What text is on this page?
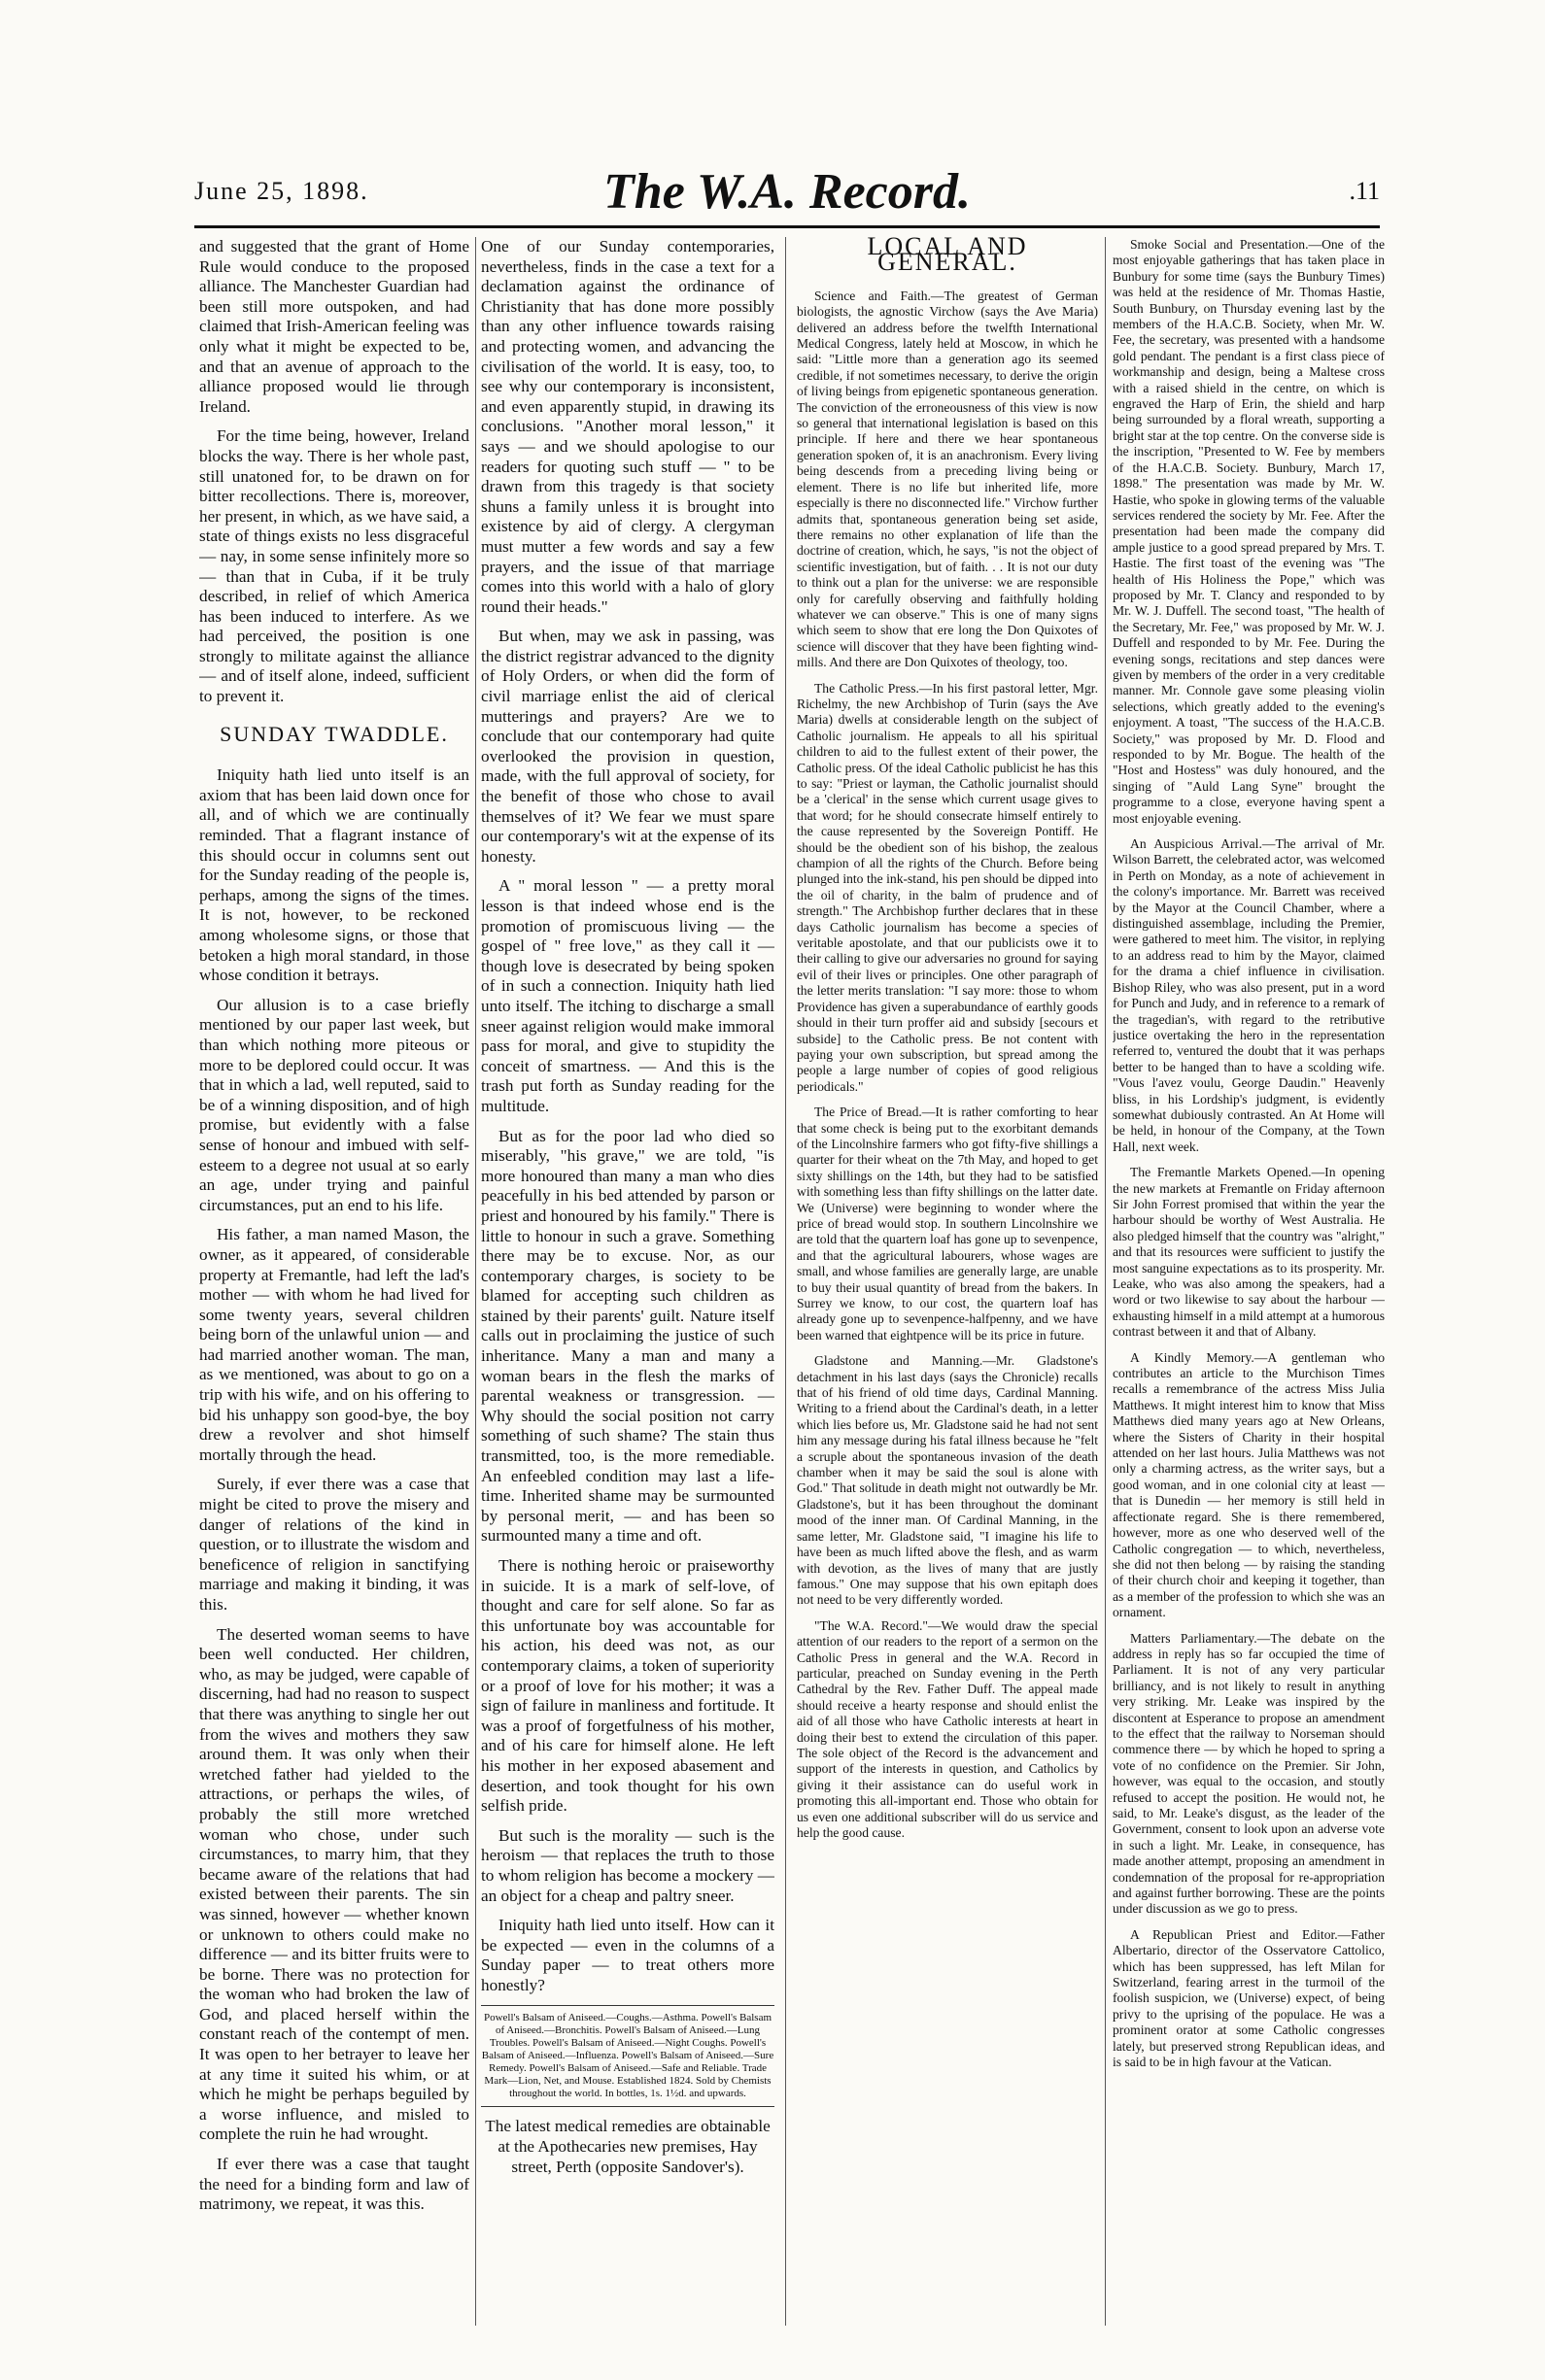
June 25, 1898.	The W.A. Record.	.11

and suggested that the grant of Home Rule would conduce to the proposed alliance. The Manchester Guardian had been still more outspoken, and had claimed that Irish-American feeling was only what it might be expected to be, and that an avenue of approach to the alliance proposed would lie through Ireland.

For the time being, however, Ireland blocks the way. There is her whole past, still unatoned for, to be drawn on for bitter recollections. There is, moreover, her present, in which, as we have said, a state of things exists no less disgraceful — nay, in some sense infinitely more so — than that in Cuba, if it be truly described, in relief of which America has been induced to interfere. As we had perceived, the position is one strongly to militate against the alliance — and of itself alone, indeed, sufficient to prevent it.

SUNDAY TWADDLE.

Iniquity hath lied unto itself is an axiom that has been laid down once for all, and of which we are continually reminded. That a flagrant instance of this should occur in columns sent out for the Sunday reading of the people is, perhaps, among the signs of the times. It is not, however, to be reckoned among wholesome signs, or those that betoken a high moral standard, in those whose condition it betrays.

Our allusion is to a case briefly mentioned by our paper last week, but than which nothing more piteous or more to be deplored could occur. It was that in which a lad, well reputed, said to be of a winning disposition, and of high promise, but evidently with a false sense of honour and imbued with self-esteem to a degree not usual at so early an age, under trying and painful circumstances, put an end to his life.

His father, a man named Mason, the owner, as it appeared, of considerable property at Fremantle, had left the lad's mother — with whom he had lived for some twenty years, several children being born of the unlawful union — and had married another woman. The man, as we mentioned, was about to go on a trip with his wife, and on his offering to bid his unhappy son good-bye, the boy drew a revolver and shot himself mortally through the head.

Surely, if ever there was a case that might be cited to prove the misery and danger of relations of the kind in question, or to illustrate the wisdom and beneficence of religion in sanctifying marriage and making it binding, it was this.

The deserted woman seems to have been well conducted. Her children, who, as may be judged, were capable of discerning, had had no reason to suspect that there was anything to single her out from the wives and mothers they saw around them. It was only when their wretched father had yielded to the attractions, or perhaps the wiles, of probably the still more wretched woman who chose, under such circumstances, to marry him, that they became aware of the relations that had existed between their parents. The sin was sinned, however — whether known or unknown to others could make no difference — and its bitter fruits were to be borne. There was no protection for the woman who had broken the law of God, and placed herself within the constant reach of the contempt of men. It was open to her betrayer to leave her at any time it suited his whim, or at which he might be perhaps beguiled by a worse influence, and misled to complete the ruin he had wrought.

If ever there was a case that taught the need for a binding form and law of matrimony, we repeat, it was this.

One of our Sunday contemporaries, nevertheless, finds in the case a text for a declamation against the ordinance of Christianity that has done more possibly than any other influence towards raising and protecting women, and advancing the civilisation of the world. It is easy, too, to see why our contemporary is inconsistent, and even apparently stupid, in drawing its conclusions. "Another moral lesson," it says — and we should apologise to our readers for quoting such stuff — " to be drawn from this tragedy is that society shuns a family unless it is brought into existence by aid of clergy. A clergyman must mutter a few words and say a few prayers, and the issue of that marriage comes into this world with a halo of glory round their heads."

But when, may we ask in passing, was the district registrar advanced to the dignity of Holy Orders, or when did the form of civil marriage enlist the aid of clerical mutterings and prayers? Are we to conclude that our contemporary had quite overlooked the provision in question, made, with the full approval of society, for the benefit of those who chose to avail themselves of it? We fear we must spare our contemporary's wit at the expense of its honesty.

A " moral lesson " — a pretty moral lesson is that indeed whose end is the promotion of promiscuous living — the gospel of " free love," as they call it — though love is desecrated by being spoken of in such a connection. Iniquity hath lied unto itself. The itching to discharge a small sneer against religion would make immoral pass for moral, and give to stupidity the conceit of smartness. — And this is the trash put forth as Sunday reading for the multitude.

But as for the poor lad who died so miserably, "his grave," we are told, "is more honoured than many a man who dies peacefully in his bed attended by parson or priest and honoured by his family." There is little to honour in such a grave. Something there may be to excuse. Nor, as our contemporary charges, is society to be blamed for accepting such children as stained by their parents' guilt. Nature itself calls out in proclaiming the justice of such inheritance. Many a man and many a woman bears in the flesh the marks of parental weakness or transgression. — Why should the social position not carry something of such shame? The stain thus transmitted, too, is the more remediable. An enfeebled condition may last a life-time. Inherited shame may be surmounted by personal merit, — and has been so surmounted many a time and oft.

There is nothing heroic or praiseworthy in suicide. It is a mark of self-love, of thought and care for self alone. So far as this unfortunate boy was accountable for his action, his deed was not, as our contemporary claims, a token of superiority or a proof of love for his mother; it was a sign of failure in manliness and fortitude. It was a proof of forgetfulness of his mother, and of his care for himself alone. He left his mother in her exposed abasement and desertion, and took thought for his own selfish pride.

But such is the morality — such is the heroism — that replaces the truth to those to whom religion has become a mockery — an object for a cheap and paltry sneer.

Iniquity hath lied unto itself. How can it be expected — even in the columns of a Sunday paper — to treat others more honestly?

Powell's Balsam of Aniseed.—Coughs.—Asthma. Powell's Balsam of Aniseed.—Bronchitis. Powell's Balsam of Aniseed.—Lung Troubles. Powell's Balsam of Aniseed.—Night Coughs. Powell's Balsam of Aniseed.—Influenza. Powell's Balsam of Aniseed.—Sure Remedy. Powell's Balsam of Aniseed.—Safe and Reliable. Trade Mark—Lion, Net, and Mouse. Established 1824. Sold by Chemists throughout the world. In bottles, 1s. 1½d. and upwards.

The latest medical remedies are obtainable at the Apothecaries new premises, Hay street, Perth (opposite Sandover's).

LOCAL AND GENERAL.

Science and Faith.—The greatest of German biologists, the agnostic Virchow (says the Ave Maria) delivered an address before the twelfth International Medical Congress, lately held at Moscow, in which he said: "Little more than a generation ago its seemed credible, if not sometimes necessary, to derive the origin of living beings from epigenetic spontaneous generation. The conviction of the erroneousness of this view is now so general that international legislation is based on this principle. If here and there we hear spontaneous generation spoken of, it is an anachronism. Every living being descends from a preceding living being or element. There is no life but inherited life, more especially is there no disconnected life." Virchow further admits that, spontaneous generation being set aside, there remains no other explanation of life than the doctrine of creation, which, he says, "is not the object of scientific investigation, but of faith. . . It is not our duty to think out a plan for the universe: we are responsible only for carefully observing and faithfully holding whatever we can observe." This is one of many signs which seem to show that ere long the Don Quixotes of science will discover that they have been fighting wind-mills. And there are Don Quixotes of theology, too.

The Catholic Press.—In his first pastoral letter, Mgr. Richelmy, the new Archbishop of Turin (says the Ave Maria) dwells at considerable length on the subject of Catholic journalism. He appeals to all his spiritual children to aid to the fullest extent of their power, the Catholic press. Of the ideal Catholic publicist he has this to say: "Priest or layman, the Catholic journalist should be a 'clerical' in the sense which current usage gives to that word; for he should consecrate himself entirely to the cause represented by the Sovereign Pontiff. He should be the obedient son of his bishop, the zealous champion of all the rights of the Church. Before being plunged into the ink-stand, his pen should be dipped into the oil of charity, in the balm of prudence and of strength." The Archbishop further declares that in these days Catholic journalism has become a species of veritable apostolate, and that our publicists owe it to their calling to give our adversaries no ground for saying evil of their lives or principles. One other paragraph of the letter merits translation: "I say more: those to whom Providence has given a superabundance of earthly goods should in their turn proffer aid and subsidy [secours et subside] to the Catholic press. Be not content with paying your own subscription, but spread among the people a large number of copies of good religious periodicals."

The Price of Bread.—It is rather comforting to hear that some check is being put to the exorbitant demands of the Lincolnshire farmers who got fifty-five shillings a quarter for their wheat on the 7th May, and hoped to get sixty shillings on the 14th, but they had to be satisfied with something less than fifty shillings on the latter date. We (Universe) were beginning to wonder where the price of bread would stop. In southern Lincolnshire we are told that the quartern loaf has gone up to sevenpence, and that the agricultural labourers, whose wages are small, and whose families are generally large, are unable to buy their usual quantity of bread from the bakers. In Surrey we know, to our cost, the quartern loaf has already gone up to sevenpence-halfpenny, and we have been warned that eightpence will be its price in future.

Gladstone and Manning.—Mr. Gladstone's detachment in his last days (says the Chronicle) recalls that of his friend of old time days, Cardinal Manning. Writing to a friend about the Cardinal's death, in a letter which lies before us, Mr. Gladstone said he had not sent him any message during his fatal illness because he "felt a scruple about the spontaneous invasion of the death chamber when it may be said the soul is alone with God." That solitude in death might not outwardly be Mr. Gladstone's, but it has been throughout the dominant mood of the inner man. Of Cardinal Manning, in the same letter, Mr. Gladstone said, "I imagine his life to have been as much lifted above the flesh, and as warm with devotion, as the lives of many that are justly famous." One may suppose that his own epitaph does not need to be very differently worded.

"The W.A. Record."—We would draw the special attention of our readers to the report of a sermon on the Catholic Press in general and the W.A. Record in particular, preached on Sunday evening in the Perth Cathedral by the Rev. Father Duff. The appeal made should receive a hearty response and should enlist the aid of all those who have Catholic interests at heart in doing their best to extend the circulation of this paper. The sole object of the Record is the advancement and support of the interests in question, and Catholics by giving it their assistance can do useful work in promoting this all-important end. Those who obtain for us even one additional subscriber will do us service and help the good cause.

Smoke Social and Presentation.—One of the most enjoyable gatherings that has taken place in Bunbury for some time (says the Bunbury Times) was held at the residence of Mr. Thomas Hastie, South Bunbury, on Thursday evening last by the members of the H.A.C.B. Society, when Mr. W. Fee, the secretary, was presented with a handsome gold pendant. The pendant is a first class piece of workmanship and design, being a Maltese cross with a raised shield in the centre, on which is engraved the Harp of Erin, the shield and harp being surrounded by a floral wreath, supporting a bright star at the top centre. On the converse side is the inscription, "Presented to W. Fee by members of the H.A.C.B. Society. Bunbury, March 17, 1898." The presentation was made by Mr. W. Hastie, who spoke in glowing terms of the valuable services rendered the society by Mr. Fee. After the presentation had been made the company did ample justice to a good spread prepared by Mrs. T. Hastie. The first toast of the evening was "The health of His Holiness the Pope," which was proposed by Mr. T. Clancy and responded to by Mr. W. J. Duffell. The second toast, "The health of the Secretary, Mr. Fee," was proposed by Mr. W. J. Duffell and responded to by Mr. Fee. During the evening songs, recitations and step dances were given by members of the order in a very creditable manner. Mr. Connole gave some pleasing violin selections, which greatly added to the evening's enjoyment. A toast, "The success of the H.A.C.B. Society," was proposed by Mr. D. Flood and responded to by Mr. Bogue. The health of the "Host and Hostess" was duly honoured, and the singing of "Auld Lang Syne" brought the programme to a close, everyone having spent a most enjoyable evening.

An Auspicious Arrival.—The arrival of Mr. Wilson Barrett, the celebrated actor, was welcomed in Perth on Monday, as a note of achievement in the colony's importance. Mr. Barrett was received by the Mayor at the Council Chamber, where a distinguished assemblage, including the Premier, were gathered to meet him. The visitor, in replying to an address read to him by the Mayor, claimed for the drama a chief influence in civilisation. Bishop Riley, who was also present, put in a word for Punch and Judy, and in reference to a remark of the tragedian's, with regard to the retributive justice overtaking the hero in the representation referred to, ventured the doubt that it was perhaps better to be hanged than to have a scolding wife. "Vous l'avez voulu, George Daudin." Heavenly bliss, in his Lordship's judgment, is evidently somewhat dubiously contrasted. An At Home will be held, in honour of the Company, at the Town Hall, next week.

The Fremantle Markets Opened.—In opening the new markets at Fremantle on Friday afternoon Sir John Forrest promised that within the year the harbour should be worthy of West Australia. He also pledged himself that the country was "alright," and that its resources were sufficient to justify the most sanguine expectations as to its prosperity. Mr. Leake, who was also among the speakers, had a word or two likewise to say about the harbour — exhausting himself in a mild attempt at a humorous contrast between it and that of Albany.

A Kindly Memory.—A gentleman who contributes an article to the Murchison Times recalls a remembrance of the actress Miss Julia Matthews. It might interest him to know that Miss Matthews died many years ago at New Orleans, where the Sisters of Charity in their hospital attended on her last hours. Julia Matthews was not only a charming actress, as the writer says, but a good woman, and in one colonial city at least — that is Dunedin — her memory is still held in affectionate regard. She is there remembered, however, more as one who deserved well of the Catholic congregation — to which, nevertheless, she did not then belong — by raising the standing of their church choir and keeping it together, than as a member of the profession to which she was an ornament.

Matters Parliamentary.—The debate on the address in reply has so far occupied the time of Parliament. It is not of any very particular brilliancy, and is not likely to result in anything very striking. Mr. Leake was inspired by the discontent at Esperance to propose an amendment to the effect that the railway to Norseman should commence there — by which he hoped to spring a vote of no confidence on the Premier. Sir John, however, was equal to the occasion, and stoutly refused to accept the position. He would not, he said, to Mr. Leake's disgust, as the leader of the Government, consent to look upon an adverse vote in such a light. Mr. Leake, in consequence, has made another attempt, proposing an amendment in condemnation of the proposal for re-appropriation and against further borrowing. These are the points under discussion as we go to press.

A Republican Priest and Editor.—Father Albertario, director of the Osservatore Cattolico, which has been suppressed, has left Milan for Switzerland, fearing arrest in the turmoil of the foolish suspicion, we (Universe) expect, of being privy to the uprising of the populace. He was a prominent orator at some Catholic congresses lately, but preserved strong Republican ideas, and is said to be in high favour at the Vatican.
